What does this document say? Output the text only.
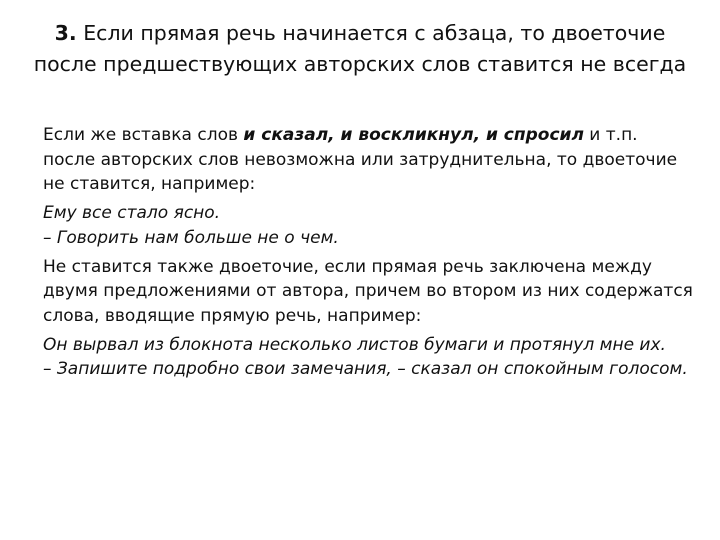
3. Если прямая речь начинается с абзаца, то двоеточие после предшествующих авторских слов ставится не всегда

Если же вставка слов и сказал, и воскликнул, и спросил и т.п. после авторских слов невозможна или затруднительна, то двоеточие не ставится, например:

Ему все стало ясно.
– Говорить нам больше не о чем.

Не ставится также двоеточие, если прямая речь заключена между двумя предложениями от автора, причем во втором из них содержатся слова, вводящие прямую речь, например:

Он вырвал из блокнота несколько листов бумаги и протянул мне их.
– Запишите подробно свои замечания, – сказал он спокойным голосом.
